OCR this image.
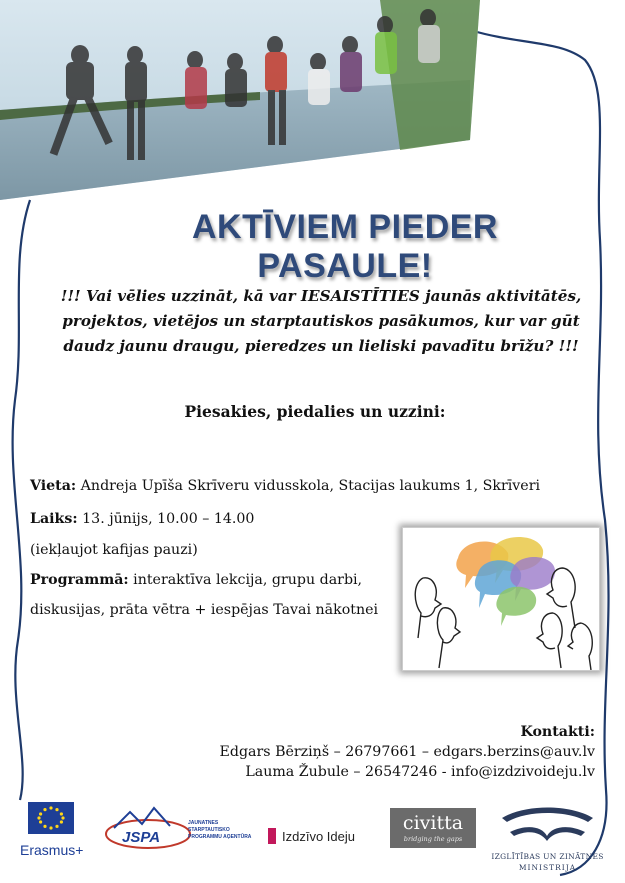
AKTĪVIEM PIEDER PASAULE!
!!! Vai vēlies uzzināt, kā var IESAISTĪTIES jaunās aktivitātēs,
projektos, vietējos un starptautiskos pasākumos, kur var gūt
daudz jaunu draugu, pieredzes un lieliski pavadītu brīžu? !!!
Piesakies, piedalies un uzzini:
Vieta: Andreja Upīša Skrīveru vidusskola, Stacijas laukums 1, Skrīveri
Laiks: 13. jūnijs, 10.00 – 14.00
(iekļaujot kafijas pauzi)
Programmā: interaktīva lekcija, grupu darbi,
diskusijas, prāta vētra + iespējas Tavai nākotnei
Kontakti:
Edgars Bērziņš – 26797661 – edgars.berzins@auv.lv
Lauma Žubule – 26547246 - info@izdzivoideju.lv
Erasmus+
JSPA
JAUNATNES STARPTAUTISKO PROGRAMMU AĢENTŪRA	Izdzīvo Ideju
civitta
bridging the gaps
IZGLĪTĪBAS UN ZINĀTNES
MINISTRIJA
